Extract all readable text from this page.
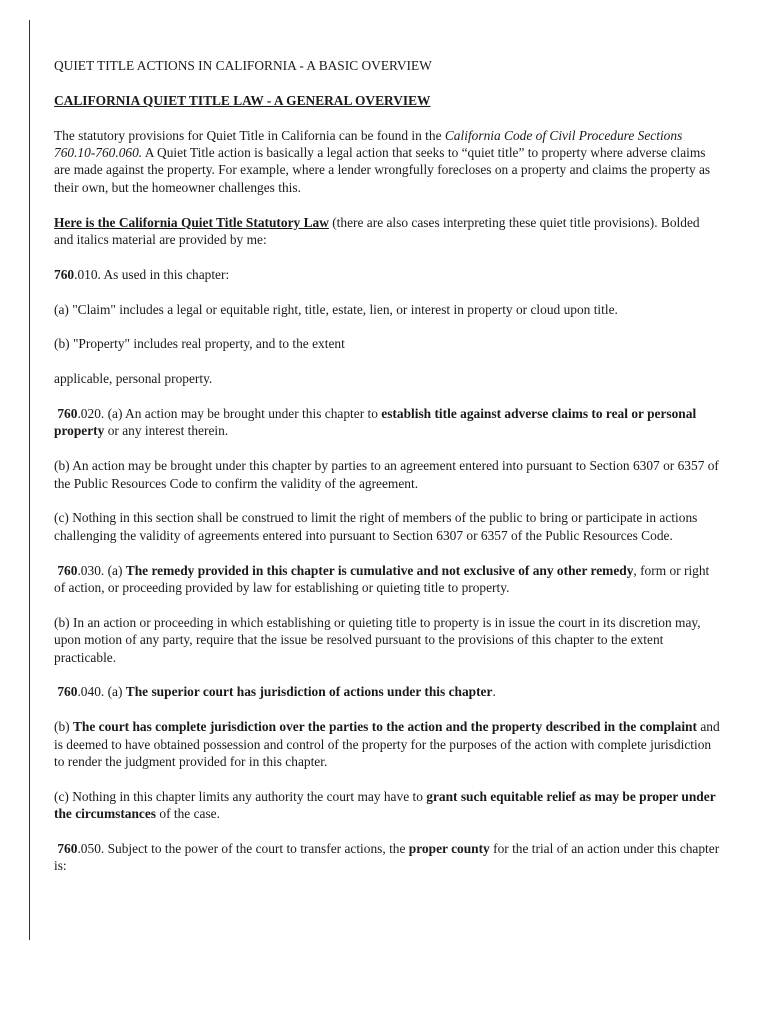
QUIET TITLE ACTIONS IN CALIFORNIA - A BASIC OVERVIEW

CALIFORNIA QUIET TITLE LAW - A GENERAL OVERVIEW

The statutory provisions for Quiet Title in California can be found in the California Code of Civil Procedure Sections 760.10-760.060. A Quiet Title action is basically a legal action that seeks to “quiet title” to property where adverse claims are made against the property. For example, where a lender wrongfully forecloses on a property and claims the property as their own, but the homeowner challenges this.

Here is the California Quiet Title Statutory Law (there are also cases interpreting these quiet title provisions). Bolded and italics material are provided by me:

760.010. As used in this chapter:

(a) "Claim" includes a legal or equitable right, title, estate, lien, or interest in property or cloud upon title.

(b) "Property" includes real property, and to the extent

applicable, personal property.

760.020. (a) An action may be brought under this chapter to establish title against adverse claims to real or personal property or any interest therein.

(b) An action may be brought under this chapter by parties to an agreement entered into pursuant to Section 6307 or 6357 of the Public Resources Code to confirm the validity of the agreement.

(c) Nothing in this section shall be construed to limit the right of members of the public to bring or participate in actions challenging the validity of agreements entered into pursuant to Section 6307 or 6357 of the Public Resources Code.

760.030. (a) The remedy provided in this chapter is cumulative and not exclusive of any other remedy, form or right of action, or proceeding provided by law for establishing or quieting title to property.

(b) In an action or proceeding in which establishing or quieting title to property is in issue the court in its discretion may, upon motion of any party, require that the issue be resolved pursuant to the provisions of this chapter to the extent practicable.

760.040. (a) The superior court has jurisdiction of actions under this chapter.

(b) The court has complete jurisdiction over the parties to the action and the property described in the complaint and is deemed to have obtained possession and control of the property for the purposes of the action with complete jurisdiction to render the judgment provided for in this chapter.

(c) Nothing in this chapter limits any authority the court may have to grant such equitable relief as may be proper under the circumstances of the case.

760.050. Subject to the power of the court to transfer actions, the proper county for the trial of an action under this chapter is:
